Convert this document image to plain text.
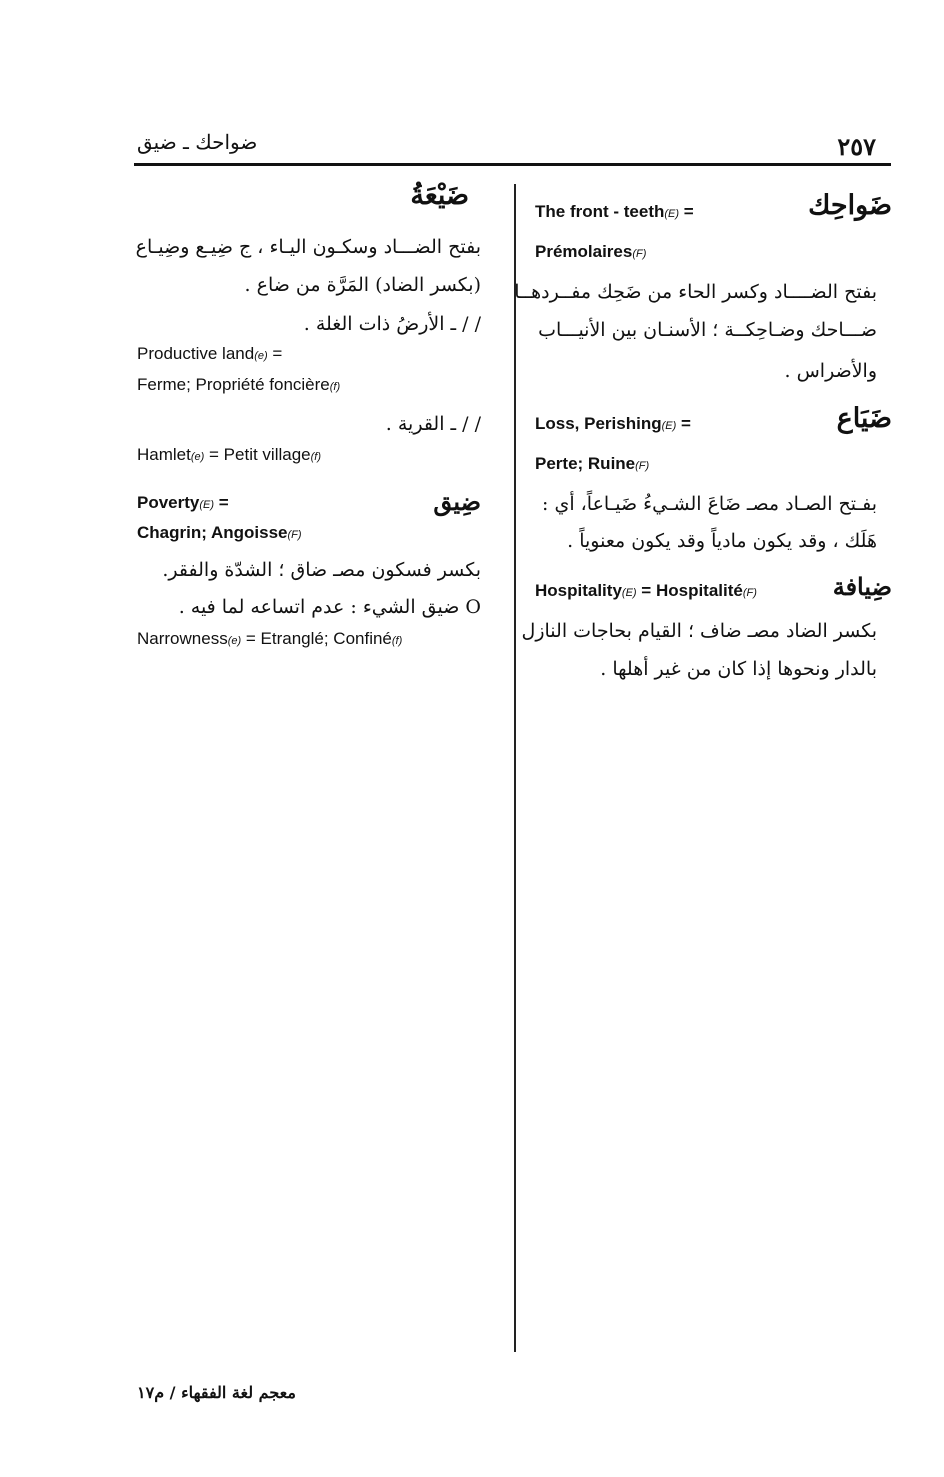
٢٥٧
ضواحك ـ ضيق
ضَواحِك
The front - teeth(E) =
Prémolaires(F)
بفتح الضــــاد وكسر الحاء من ضَحِك مفــردهــا
ضـــاحك وضـاحِكــة ؛ الأسنـان بين الأنيـــاب
والأضراس .
ضَيَاع
Loss, Perishing(E) =
Perte; Ruine(F)
بفـتح الصـاد مصـ ضَاعَ الشـيءُ ضَيـاعاً، أي :
هَلَك ، وقد يكون مادياً وقد يكون معنوياً .
ضِيافة
Hospitality(E) = Hospitalité(F)
بكسر الضاد مصـ ضاف ؛ القيام بحاجات النازل
بالدار ونحوها إذا كان من غير أهلها .
ضَيْعَةُ
بفتح الضـــاد وسكـون اليـاء ، ج ضِيـع وضِيـاع
(بكسر الضاد) المَرَّة من ضاع .
/ / ـ الأرضُ ذات الغلة .
Productive land(e) =
Ferme; Propriété foncière(f)
/ / ـ القرية .
Hamlet(e) = Petit village(f)
ضِيق
Poverty(E) =
Chagrin; Angoisse(F)
بكسر فسكون مصـ ضاق ؛ الشدّة والفقر.
O ضيق الشيء : عدم اتساعه لما فيه .
Narrowness(e) = Etranglé; Confiné(f)
معجم لغة الفقهاء / م١٧
